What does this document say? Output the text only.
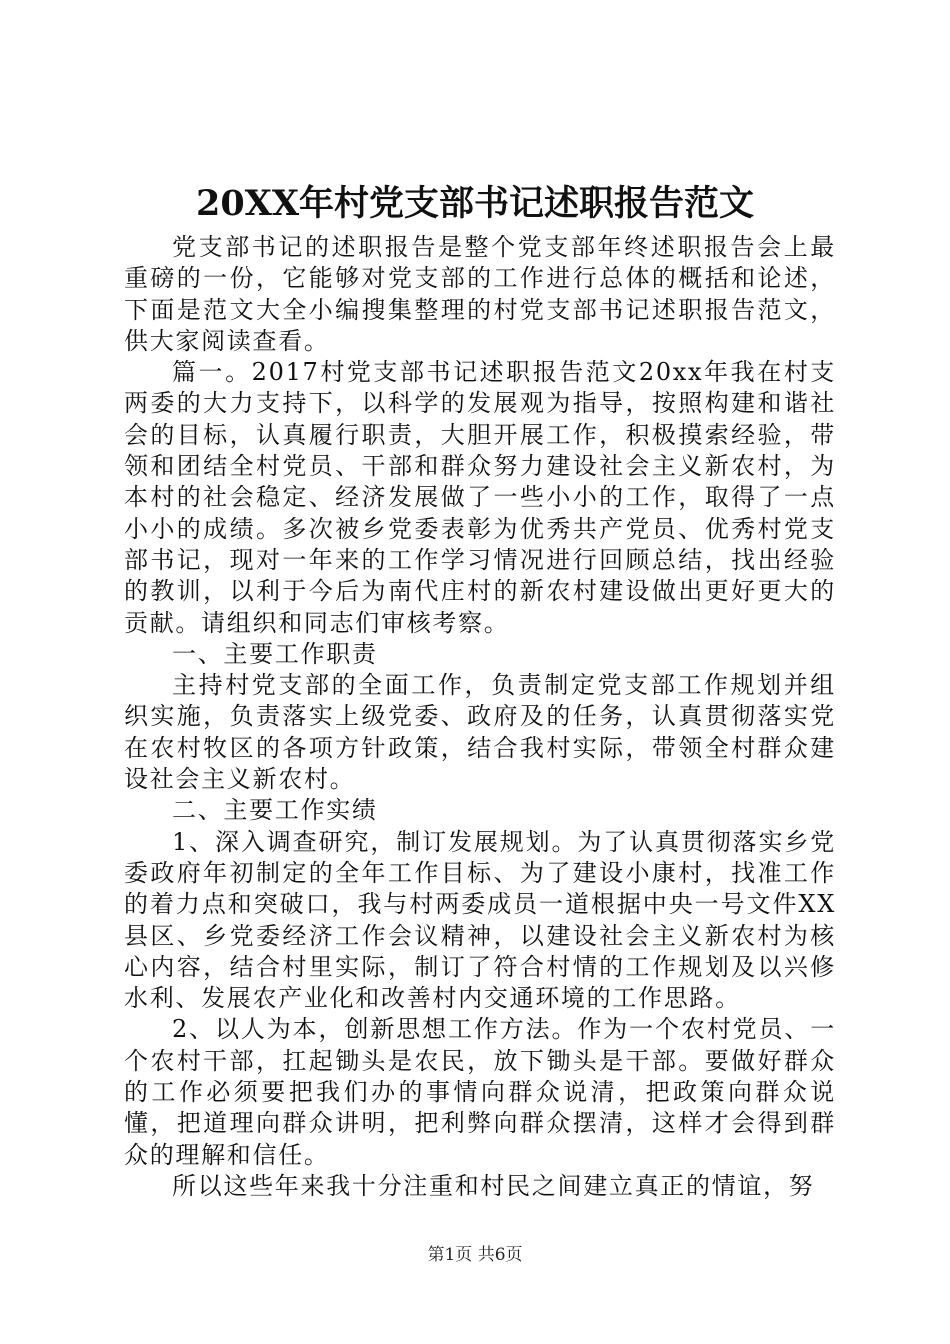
20XX年村党支部书记述职报告范文

党支部书记的述职报告是整个党支部年终述职报告会上最重磅的一份，它能够对党支部的工作进行总体的概括和论述，下面是范文大全小编搜集整理的村党支部书记述职报告范文，供大家阅读查看。

篇一。2017村党支部书记述职报告范文20xx年我在村支两委的大力支持下，以科学的发展观为指导，按照构建和谐社会的目标，认真履行职责，大胆开展工作，积极摸索经验，带领和团结全村党员、干部和群众努力建设社会主义新农村，为本村的社会稳定、经济发展做了一些小小的工作，取得了一点小小的成绩。多次被乡党委表彰为优秀共产党员、优秀村党支部书记，现对一年来的工作学习情况进行回顾总结，找出经验的教训，以利于今后为南代庄村的新农村建设做出更好更大的贡献。请组织和同志们审核考察。

一、主要工作职责

主持村党支部的全面工作，负责制定党支部工作规划并组织实施，负责落实上级党委、政府及的任务，认真贯彻落实党在农村牧区的各项方针政策，结合我村实际，带领全村群众建设社会主义新农村。

二、主要工作实绩

1、深入调查研究，制订发展规划。为了认真贯彻落实乡党委政府年初制定的全年工作目标、为了建设小康村，找准工作的着力点和突破口，我与村两委成员一道根据中央一号文件XX县区、乡党委经济工作会议精神，以建设社会主义新农村为核心内容，结合村里实际，制订了符合村情的工作规划及以兴修水利、发展农产业化和改善村内交通环境的工作思路。

2、以人为本，创新思想工作方法。作为一个农村党员、一个农村干部，扛起锄头是农民，放下锄头是干部。要做好群众的工作必须要把我们办的事情向群众说清，把政策向群众说懂，把道理向群众讲明，把利弊向群众摆清，这样才会得到群众的理解和信任。

所以这些年来我十分注重和村民之间建立真正的情谊，努

第1页 共6页
